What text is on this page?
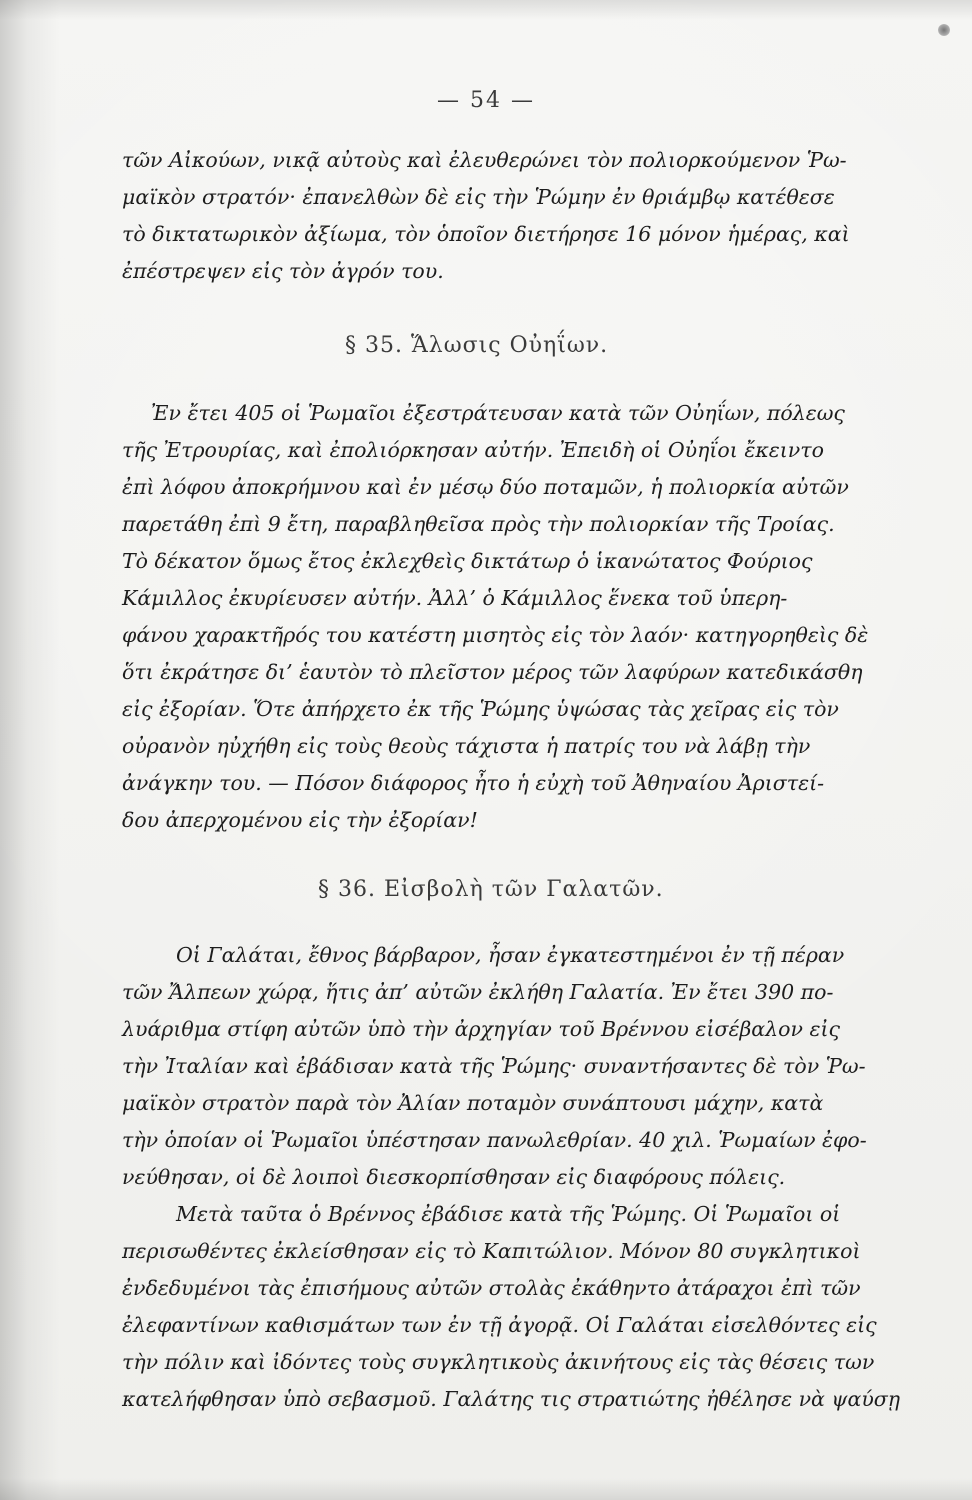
— 54 —
τῶν Αἰκούων, νικᾷ αὐτοὺς καὶ ἐλευθερώνει τὸν πολιορκούμενον Ῥω-
μαϊκὸν στρατόν· ἐπανελθὼν δὲ εἰς τὴν Ῥώμην ἐν θριάμβῳ κατέθεσε
τὸ δικτατωρικὸν ἀξίωμα, τὸν ὁποῖον διετήρησε 16 μόνον ἡμέρας, καὶ
ἐπέστρεψεν εἰς τὸν ἀγρόν του.
§ 35. Ἅλωσις Οὐηΐων.
Ἐν ἔτει 405 οἱ Ῥωμαῖοι ἐξεστράτευσαν κατὰ τῶν Οὐηΐων, πόλεως
τῆς Ἐτρουρίας, καὶ ἐπολιόρκησαν αὐτήν. Ἐπειδὴ οἱ Οὐηΐοι ἔκειντο
ἐπὶ λόφου ἀποκρήμνου καὶ ἐν μέσῳ δύο ποταμῶν, ἡ πολιορκία αὐτῶν
παρετάθη ἐπὶ 9 ἔτη, παραβληθεῖσα πρὸς τὴν πολιορκίαν τῆς Τροίας.
Τὸ δέκατον ὅμως ἔτος ἐκλεχθεὶς δικτάτωρ ὁ ἱκανώτατος Φούριος
Κάμιλλος ἐκυρίευσεν αὐτήν. Ἀλλ’ ὁ Κάμιλλος ἕνεκα τοῦ ὑπερη-
φάνου χαρακτῆρός του κατέστη μισητὸς εἰς τὸν λαόν· κατηγορηθεὶς δὲ
ὅτι ἐκράτησε δι’ ἑαυτὸν τὸ πλεῖστον μέρος τῶν λαφύρων κατεδικάσθη
εἰς ἐξορίαν. Ὅτε ἀπήρχετο ἐκ τῆς Ῥώμης ὑψώσας τὰς χεῖρας εἰς τὸν
οὐρανὸν ηὐχήθη εἰς τοὺς θεοὺς τάχιστα ἡ πατρίς του νὰ λάβῃ τὴν
ἀνάγκην του. — Πόσον διάφορος ἦτο ἡ εὐχὴ τοῦ Ἀθηναίου Ἀριστεί-
δου ἀπερχομένου εἰς τὴν ἐξορίαν!
§ 36. Εἰσβολὴ τῶν Γαλατῶν.
Οἱ Γαλάται, ἔθνος βάρβαρον, ἦσαν ἐγκατεστημένοι ἐν τῇ πέραν
τῶν Ἄλπεων χώρᾳ, ἥτις ἀπ’ αὐτῶν ἐκλήθη Γαλατία. Ἐν ἔτει 390 πο-
λυάριθμα στίφη αὐτῶν ὑπὸ τὴν ἀρχηγίαν τοῦ Βρέννου εἰσέβαλον εἰς
τὴν Ἰταλίαν καὶ ἐβάδισαν κατὰ τῆς Ῥώμης· συναντήσαντες δὲ τὸν Ῥω-
μαϊκὸν στρατὸν παρὰ τὸν Ἀλίαν ποταμὸν συνάπτουσι μάχην, κατὰ
τὴν ὁποίαν οἱ Ῥωμαῖοι ὑπέστησαν πανωλεθρίαν. 40 χιλ. Ῥωμαίων ἐφο-
νεύθησαν, οἱ δὲ λοιποὶ διεσκορπίσθησαν εἰς διαφόρους πόλεις.
Μετὰ ταῦτα ὁ Βρέννος ἐβάδισε κατὰ τῆς Ῥώμης. Οἱ Ῥωμαῖοι οἱ
περισωθέντες ἐκλείσθησαν εἰς τὸ Καπιτώλιον. Μόνον 80 συγκλητικοὶ
ἐνδεδυμένοι τὰς ἐπισήμους αὐτῶν στολὰς ἐκάθηντο ἀτάραχοι ἐπὶ τῶν
ἐλεφαντίνων καθισμάτων των ἐν τῇ ἀγορᾷ. Οἱ Γαλάται εἰσελθόντες εἰς
τὴν πόλιν καὶ ἰδόντες τοὺς συγκλητικοὺς ἀκινήτους εἰς τὰς θέσεις των
κατελήφθησαν ὑπὸ σεβασμοῦ. Γαλάτης τις στρατιώτης ἠθέλησε νὰ ψαύσῃ
